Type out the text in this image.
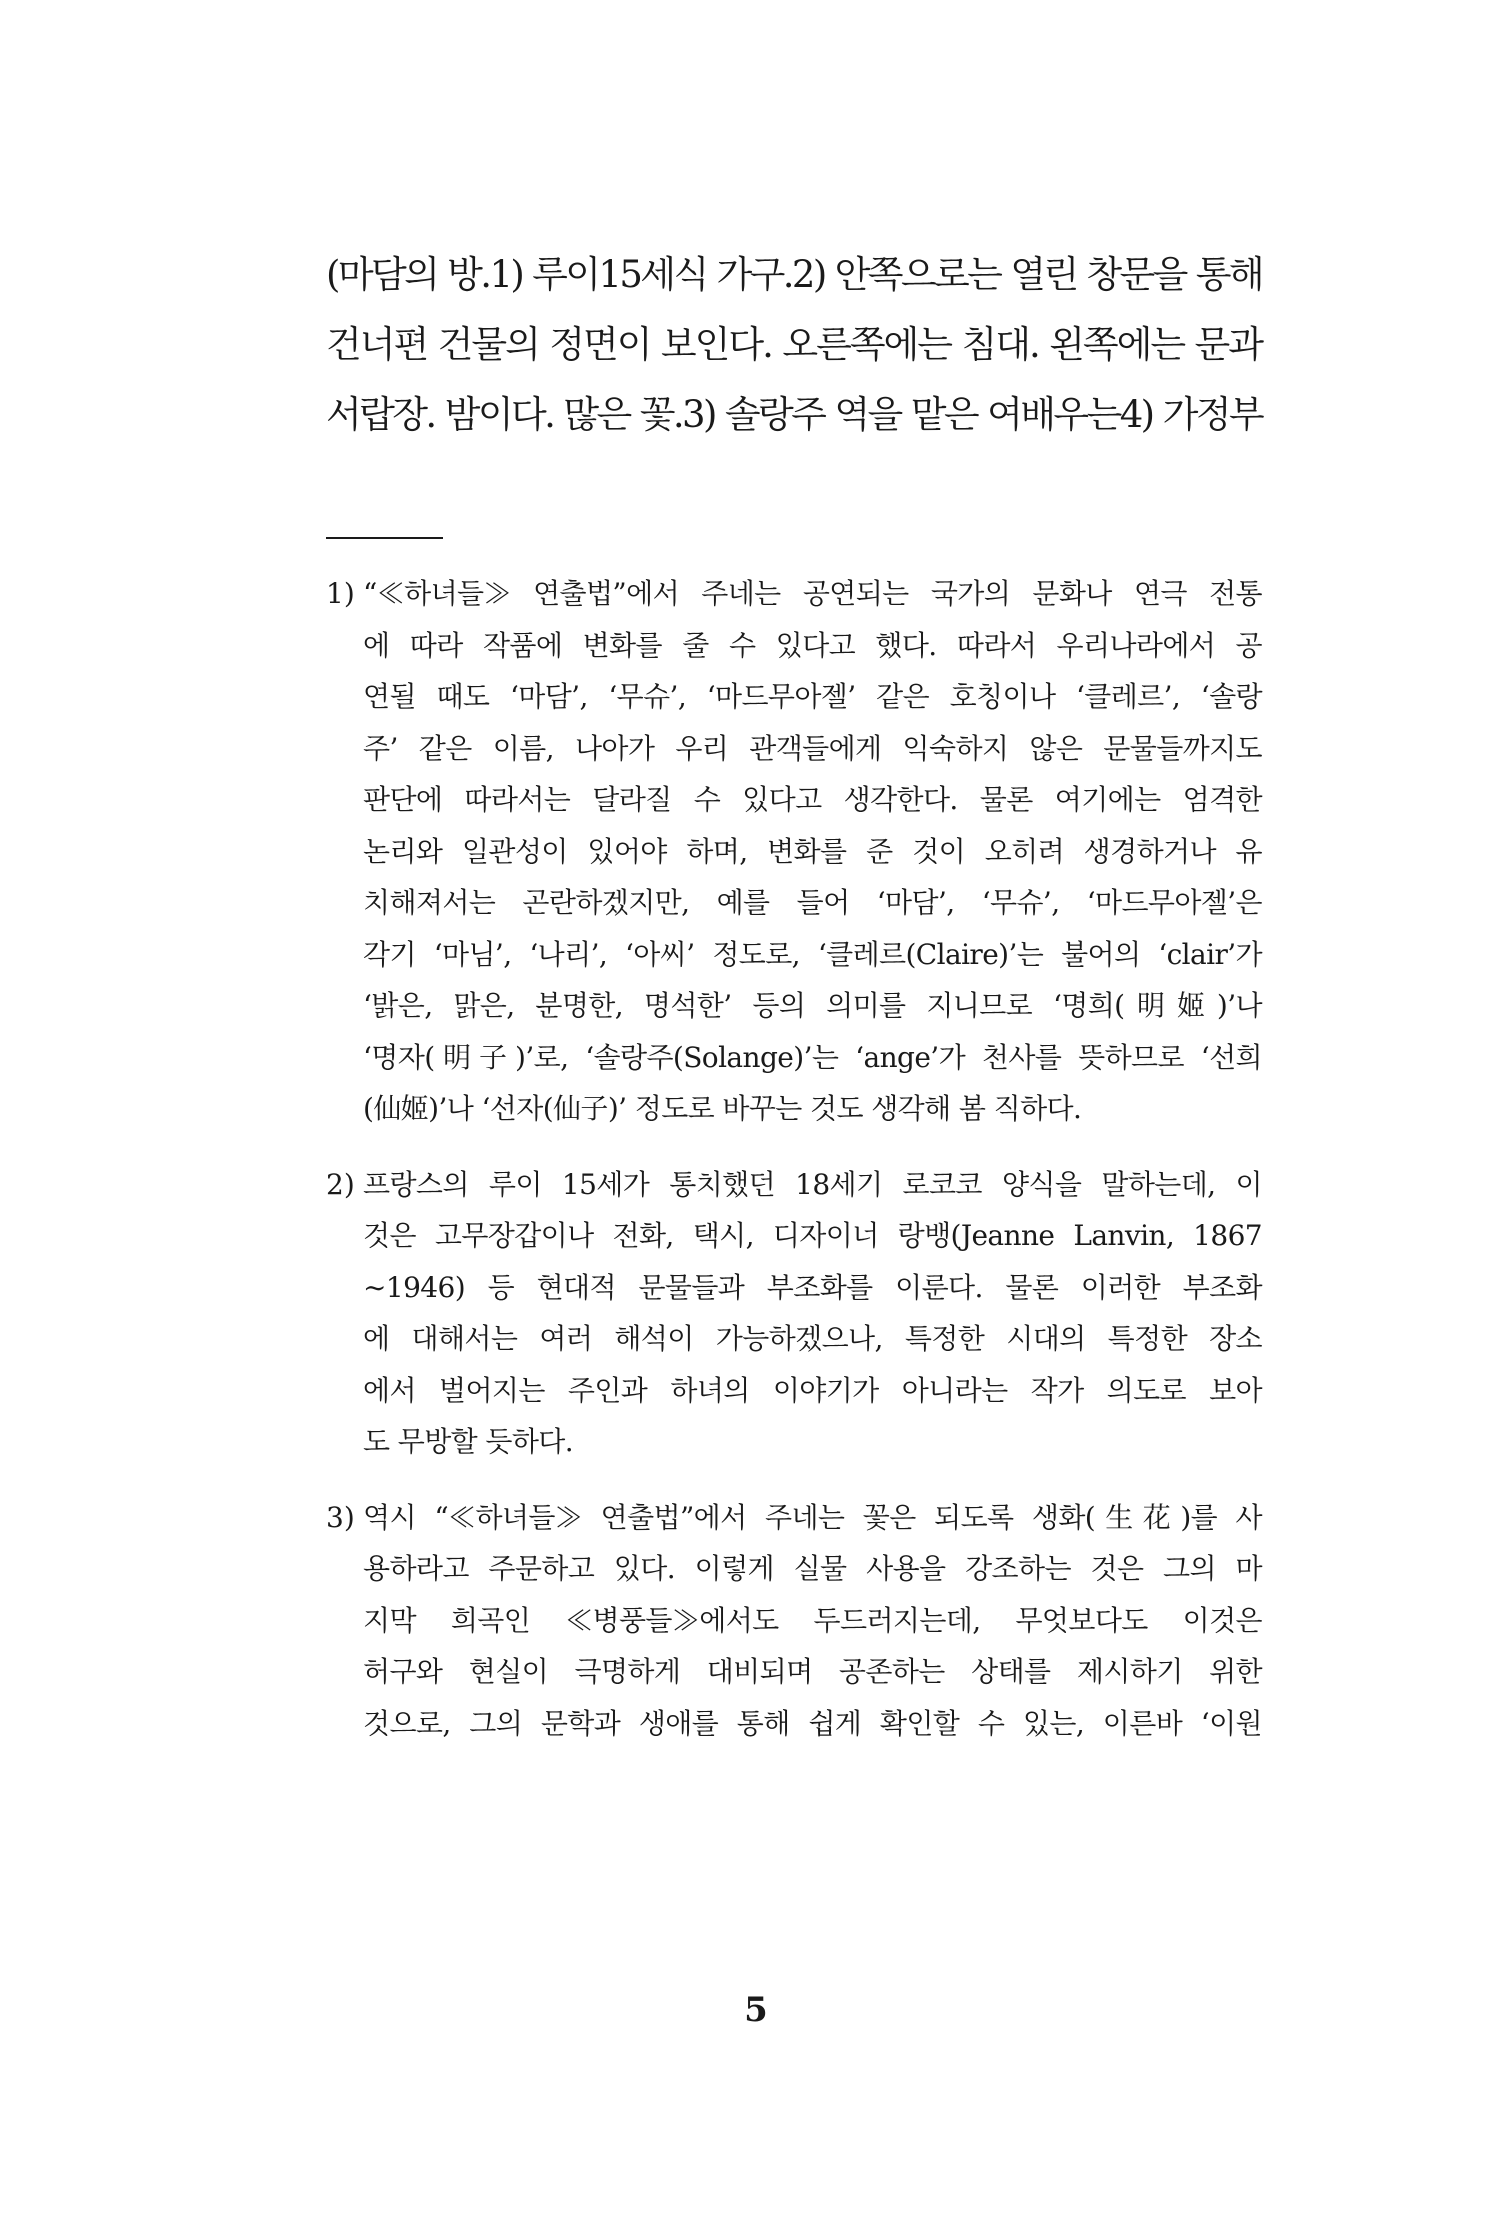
(마담의 방.1) 루이15세식 가구.2) 안쪽으로는 열린 창문을 통해
건너편 건물의 정면이 보인다. 오른쪽에는 침대. 왼쪽에는 문과
서랍장. 밤이다. 많은 꽃.3) 솔랑주 역을 맡은 여배우는4) 가정부
1) “≪하녀들≫ 연출법”에서 주네는 공연되는 국가의 문화나 연극 전통
에 따라 작품에 변화를 줄 수 있다고 했다. 따라서 우리나라에서 공
연될 때도 ‘마담’, ‘무슈’, ‘마드무아젤’ 같은 호칭이나 ‘클레르’, ‘솔랑
주’ 같은 이름, 나아가 우리 관객들에게 익숙하지 않은 문물들까지도
판단에 따라서는 달라질 수 있다고 생각한다. 물론 여기에는 엄격한
논리와 일관성이 있어야 하며, 변화를 준 것이 오히려 생경하거나 유
치해져서는 곤란하겠지만, 예를 들어 ‘마담’, ‘무슈’, ‘마드무아젤’은
각기 ‘마님’, ‘나리’, ‘아씨’ 정도로, ‘클레르(Claire)’는 불어의 ‘clair’가
‘밝은, 맑은, 분명한, 명석한’ 등의 의미를 지니므로 ‘명희(明姬)’나
‘명자(明子)’로, ‘솔랑주(Solange)’는 ‘ange’가 천사를 뜻하므로 ‘선희
(仙姬)’나 ‘선자(仙子)’ 정도로 바꾸는 것도 생각해 봄 직하다.
2) 프랑스의 루이 15세가 통치했던 18세기 로코코 양식을 말하는데, 이
것은 고무장갑이나 전화, 택시, 디자이너 랑뱅(Jeanne Lanvin, 1867
∼1946) 등 현대적 문물들과 부조화를 이룬다. 물론 이러한 부조화
에 대해서는 여러 해석이 가능하겠으나, 특정한 시대의 특정한 장소
에서 벌어지는 주인과 하녀의 이야기가 아니라는 작가 의도로 보아
도 무방할 듯하다.
3) 역시 “≪하녀들≫ 연출법”에서 주네는 꽃은 되도록 생화(生花)를 사
용하라고 주문하고 있다. 이렇게 실물 사용을 강조하는 것은 그의 마
지막 희곡인 ≪병풍들≫에서도 두드러지는데, 무엇보다도 이것은
허구와 현실이 극명하게 대비되며 공존하는 상태를 제시하기 위한
것으로, 그의 문학과 생애를 통해 쉽게 확인할 수 있는, 이른바 ‘이원
5
